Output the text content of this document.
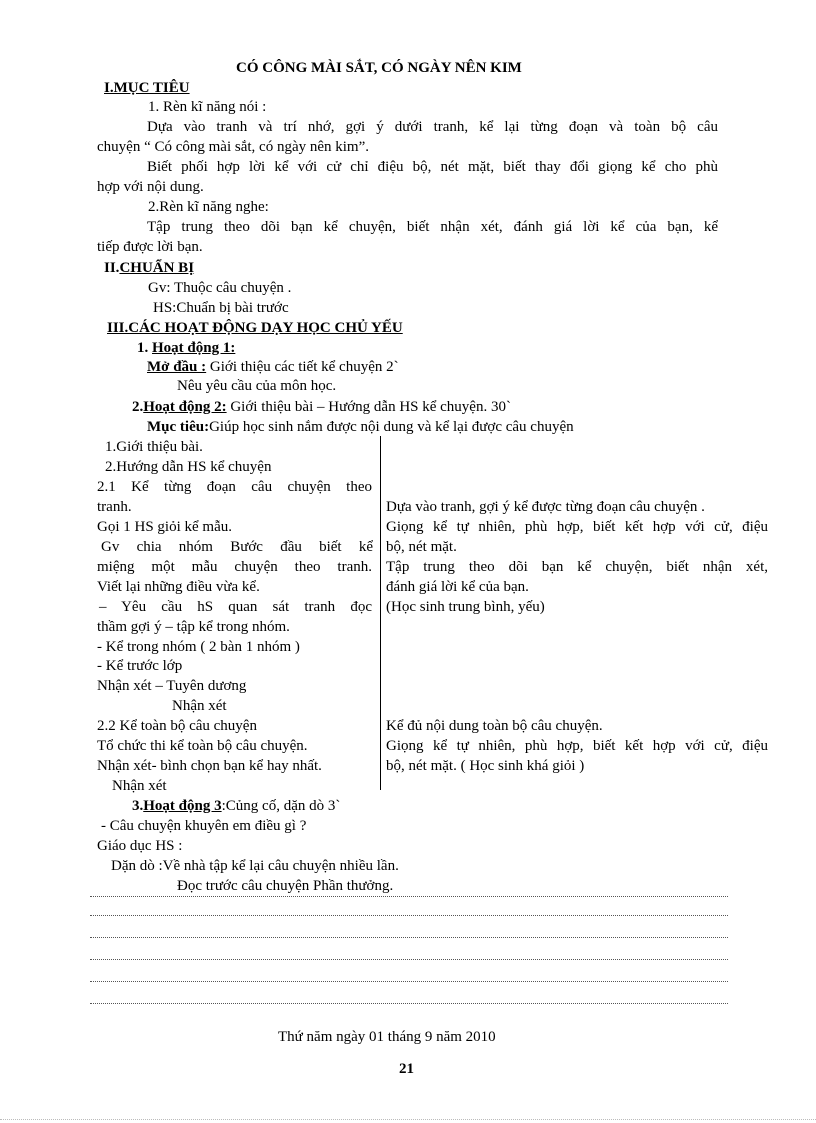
CÓ CÔNG MÀI SẮT, CÓ NGÀY NÊN KIM
I.MỤC TIÊU
1. Rèn kĩ năng nói :
Dựa vào tranh và trí nhớ, gợi ý dưới tranh, kể lại từng đoạn và toàn bộ câu
chuyện “ Có công mài sắt, có ngày nên kim”.
Biết phối hợp lời kể với cử chỉ điệu bộ, nét mặt, biết thay đổi giọng kể cho phù
hợp với nội dung.
2.Rèn kĩ năng nghe:
Tập trung theo dõi bạn kể chuyện, biết nhận xét, đánh giá lời kể của bạn, kể
tiếp được lời bạn.
II.CHUẨN BỊ
Gv: Thuộc câu chuyện .
HS:Chuẩn bị bài trước
III.CÁC HOẠT ĐỘNG DẠY HỌC CHỦ YẾU
1. Hoạt động 1:
Mở đầu : Giới thiệu các tiết kể chuyện 2`
Nêu yêu cầu của môn học.
2.Hoạt động 2: Giới thiệu bài – Hướng dẫn HS kể chuyện. 30`
Mục tiêu:Giúp học sinh nắm được nội dung và kể lại được câu chuyện
1.Giới thiệu bài.
2.Hướng dẫn HS kể chuyện
2.1 Kể từng đoạn câu chuyện theo
tranh.
Gọi 1 HS giỏi kể mẫu.
Gv chia nhóm Bước đầu biết kể
miệng một mẫu chuyện theo tranh.
Viết lại những điều vừa kể.
– Yêu cầu hS quan sát tranh đọc
thầm gợi ý – tập kể trong nhóm.
- Kể trong nhóm ( 2 bàn 1 nhóm )
- Kể trước lớp
Nhận xét – Tuyên dương
Nhận xét
2.2 Kể toàn bộ câu chuyện
Tổ chức thi kể toàn bộ câu chuyện.
Nhận xét- bình chọn bạn kể hay nhất.
Nhận xét
Dựa vào tranh, gợi ý kể được từng đoạn câu chuyện .
Giọng kể tự nhiên, phù hợp, biết kết hợp với cử, điệu
bộ, nét mặt.
Tập trung theo dõi bạn kể chuyện, biết nhận xét,
đánh giá lời kể của bạn.
(Học sinh trung bình, yếu)
Kể đủ nội dung toàn bộ câu chuyện.
Giọng kể tự nhiên, phù hợp, biết kết hợp với cử, điệu
bộ, nét mặt. ( Học sinh khá giỏi )
3.Hoạt động 3:Củng cố, dặn dò 3`
- Câu chuyện khuyên em điều gì ?
Giáo dục HS :
Dặn dò :Về nhà tập kể lại câu chuyện nhiều lần.
Đọc trước câu chuyện Phần thưởng.
Thứ năm ngày 01 tháng 9 năm 2010
21
